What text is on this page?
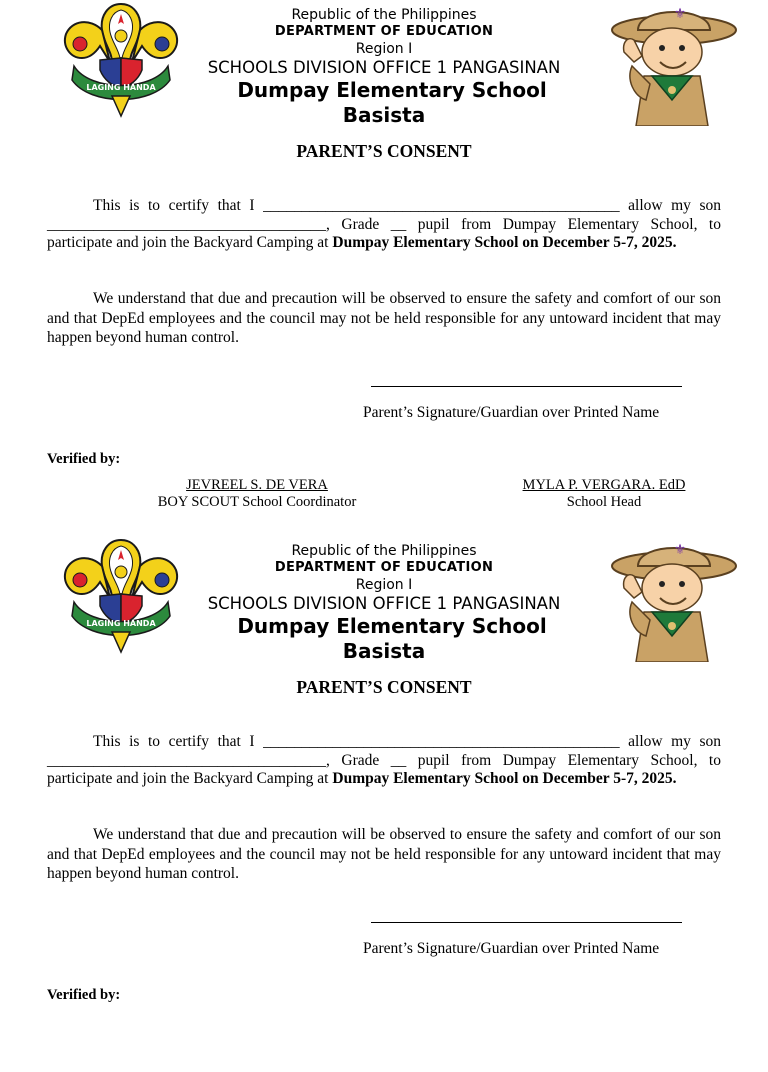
LAGING HANDA
Republic of the Philippines
DEPARTMENT OF EDUCATION
Region I
SCHOOLS DIVISION OFFICE 1 PANGASINAN
Dumpay Elementary School
Basista
⚜
PARENT’S CONSENT
This is to certify that I ______________________________________________ allow my son ____________________________________, Grade __ pupil from Dumpay Elementary School, to participate and join the Backyard Camping at Dumpay Elementary School on December 5-7, 2025.
We understand that due and precaution will be observed to ensure the safety and comfort of our son and that DepEd employees and the council may not be held responsible for any untoward incident that may happen beyond human control.
Parent’s Signature/Guardian over Printed Name
Verified by:
JEVREEL S. DE VERA
BOY SCOUT School Coordinator
MYLA P. VERGARA. EdD
School Head
LAGING HANDA
Republic of the Philippines
DEPARTMENT OF EDUCATION
Region I
SCHOOLS DIVISION OFFICE 1 PANGASINAN
Dumpay Elementary School
Basista
⚜
PARENT’S CONSENT
This is to certify that I ______________________________________________ allow my son ____________________________________, Grade __ pupil from Dumpay Elementary School, to participate and join the Backyard Camping at Dumpay Elementary School on December 5-7, 2025.
We understand that due and precaution will be observed to ensure the safety and comfort of our son and that DepEd employees and the council may not be held responsible for any untoward incident that may happen beyond human control.
Parent’s Signature/Guardian over Printed Name
Verified by:
